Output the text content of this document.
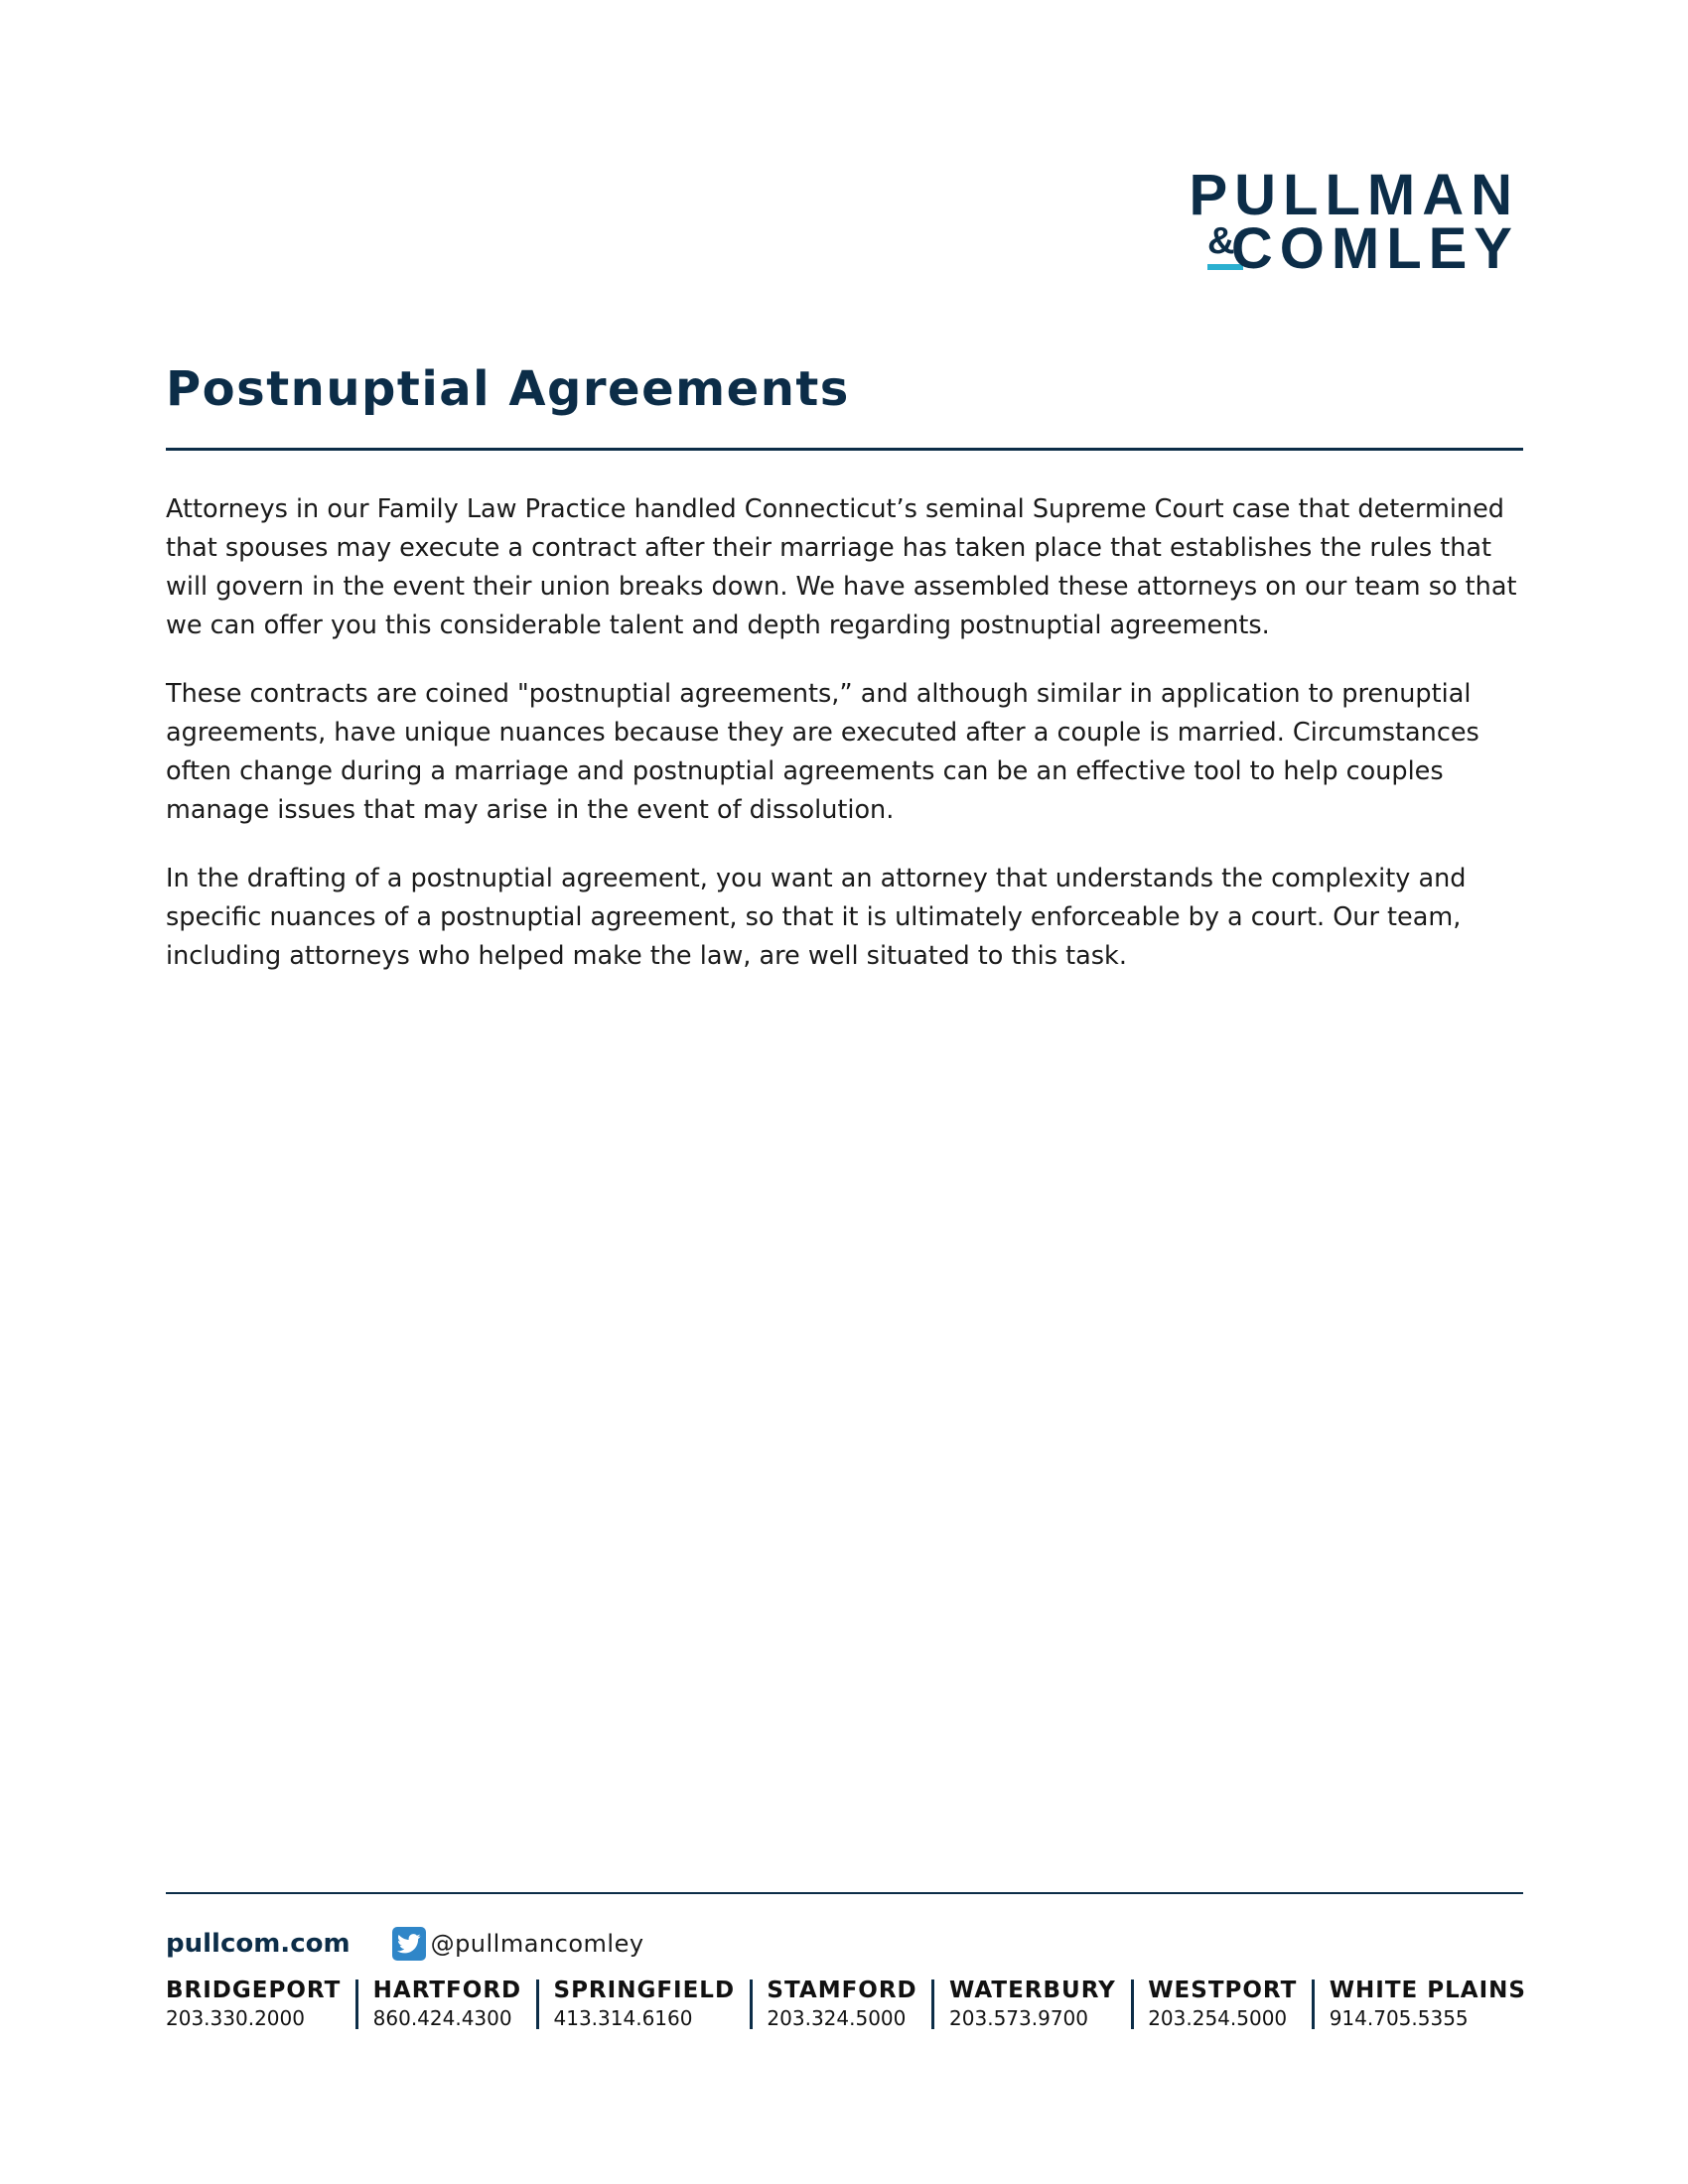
PULLMAN
&
COMLEY
Postnuptial Agreements

Attorneys in our Family Law Practice handled Connecticut’s seminal Supreme Court case that determined that spouses may execute a contract after their marriage has taken place that establishes the rules that will govern in the event their union breaks down. We have assembled these attorneys on our team so that we can offer you this considerable talent and depth regarding postnuptial agreements.

These contracts are coined "postnuptial agreements,” and although similar in application to prenuptial agreements, have unique nuances because they are executed after a couple is married. Circumstances often change during a marriage and postnuptial agreements can be an effective tool to help couples manage issues that may arise in the event of dissolution.

In the drafting of a postnuptial agreement, you want an attorney that understands the complexity and specific nuances of a postnuptial agreement, so that it is ultimately enforceable by a court. Our team, including attorneys who helped make the law, are well situated to this task.

pullcom.com	@pullmancomley
BRIDGEPORT
203.330.2000
HARTFORD
860.424.4300
SPRINGFIELD
413.314.6160
STAMFORD
203.324.5000
WATERBURY
203.573.9700
WESTPORT
203.254.5000
WHITE PLAINS
914.705.5355
